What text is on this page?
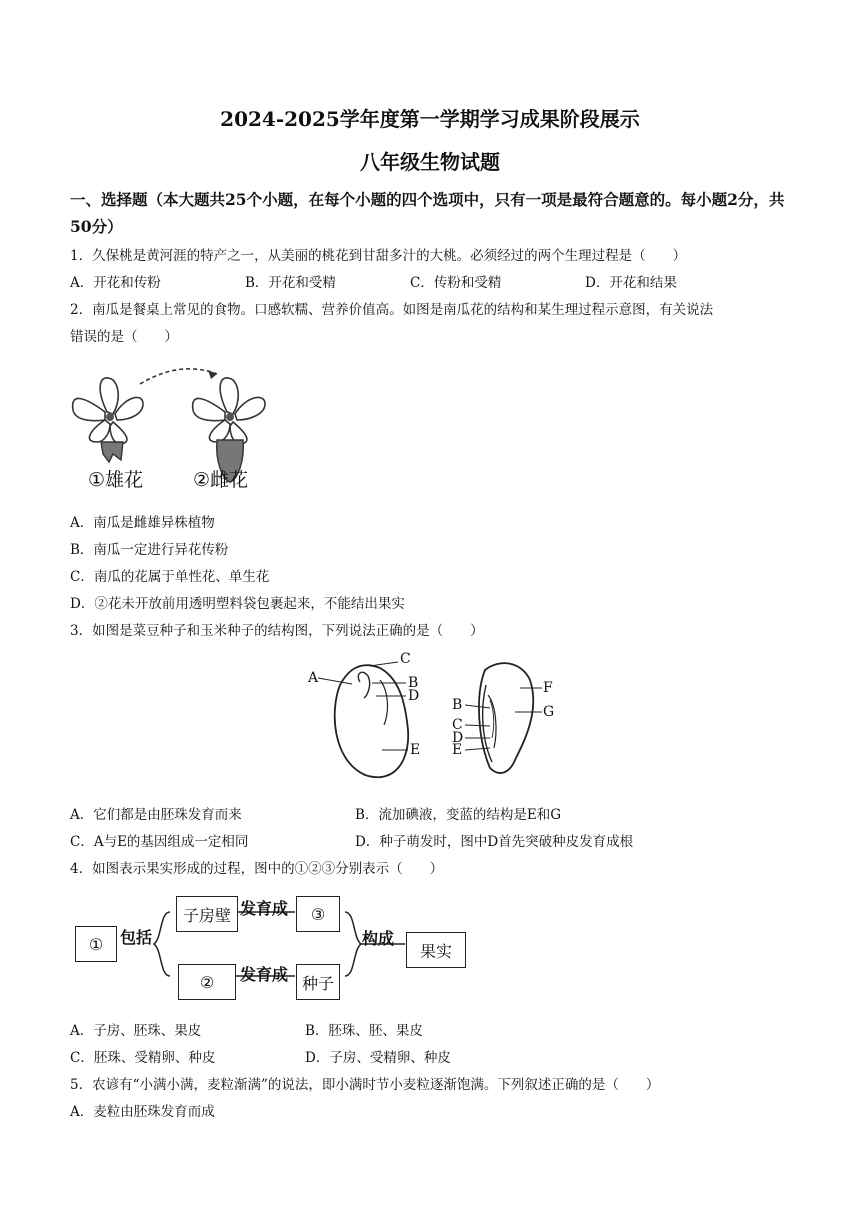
2024-2025学年度第一学期学习成果阶段展示
八年级生物试题
一、选择题（本大题共25个小题，在每个小题的四个选项中，只有一项是最符合题意的。每小题2分，共50分）
1．久保桃是黄河涯的特产之一，从美丽的桃花到甘甜多汁的大桃。必须经过的两个生理过程是（　　）
A．开花和传粉	B．开花和受精	C．传粉和受精	D．开花和结果
2．南瓜是餐桌上常见的食物。口感软糯、营养价值高。如图是南瓜花的结构和某生理过程示意图，有关说法
错误的是（　　）
①雄花	②雌花
A．南瓜是雌雄异株植物
B．南瓜一定进行异花传粉
C．南瓜的花属于单性花、单生花
D．②花未开放前用透明塑料袋包裹起来，不能结出果实
3．如图是菜豆种子和玉米种子的结构图，下列说法正确的是（　　）
A
C
B
D
E
B
C
D
E
F
G
A．它们都是由胚珠发育而来	B．流加碘液，变蓝的结构是E和G
C．A与E的基因组成一定相同	D．种子萌发时，图中D首先突破种皮发育成根
4．如图表示果实形成的过程，图中的①②③分别表示（　　）
①	包括
子房壁 发育成	③
②	发育成 种子
构成
果实
A．子房、胚珠、果皮	B．胚珠、胚、果皮
C．胚珠、受精卵、种皮	D．子房、受精卵、种皮
5．农谚有“小满小满，麦粒渐满”的说法，即小满时节小麦粒逐渐饱满。下列叙述正确的是（　　）
A．麦粒由胚珠发育而成
